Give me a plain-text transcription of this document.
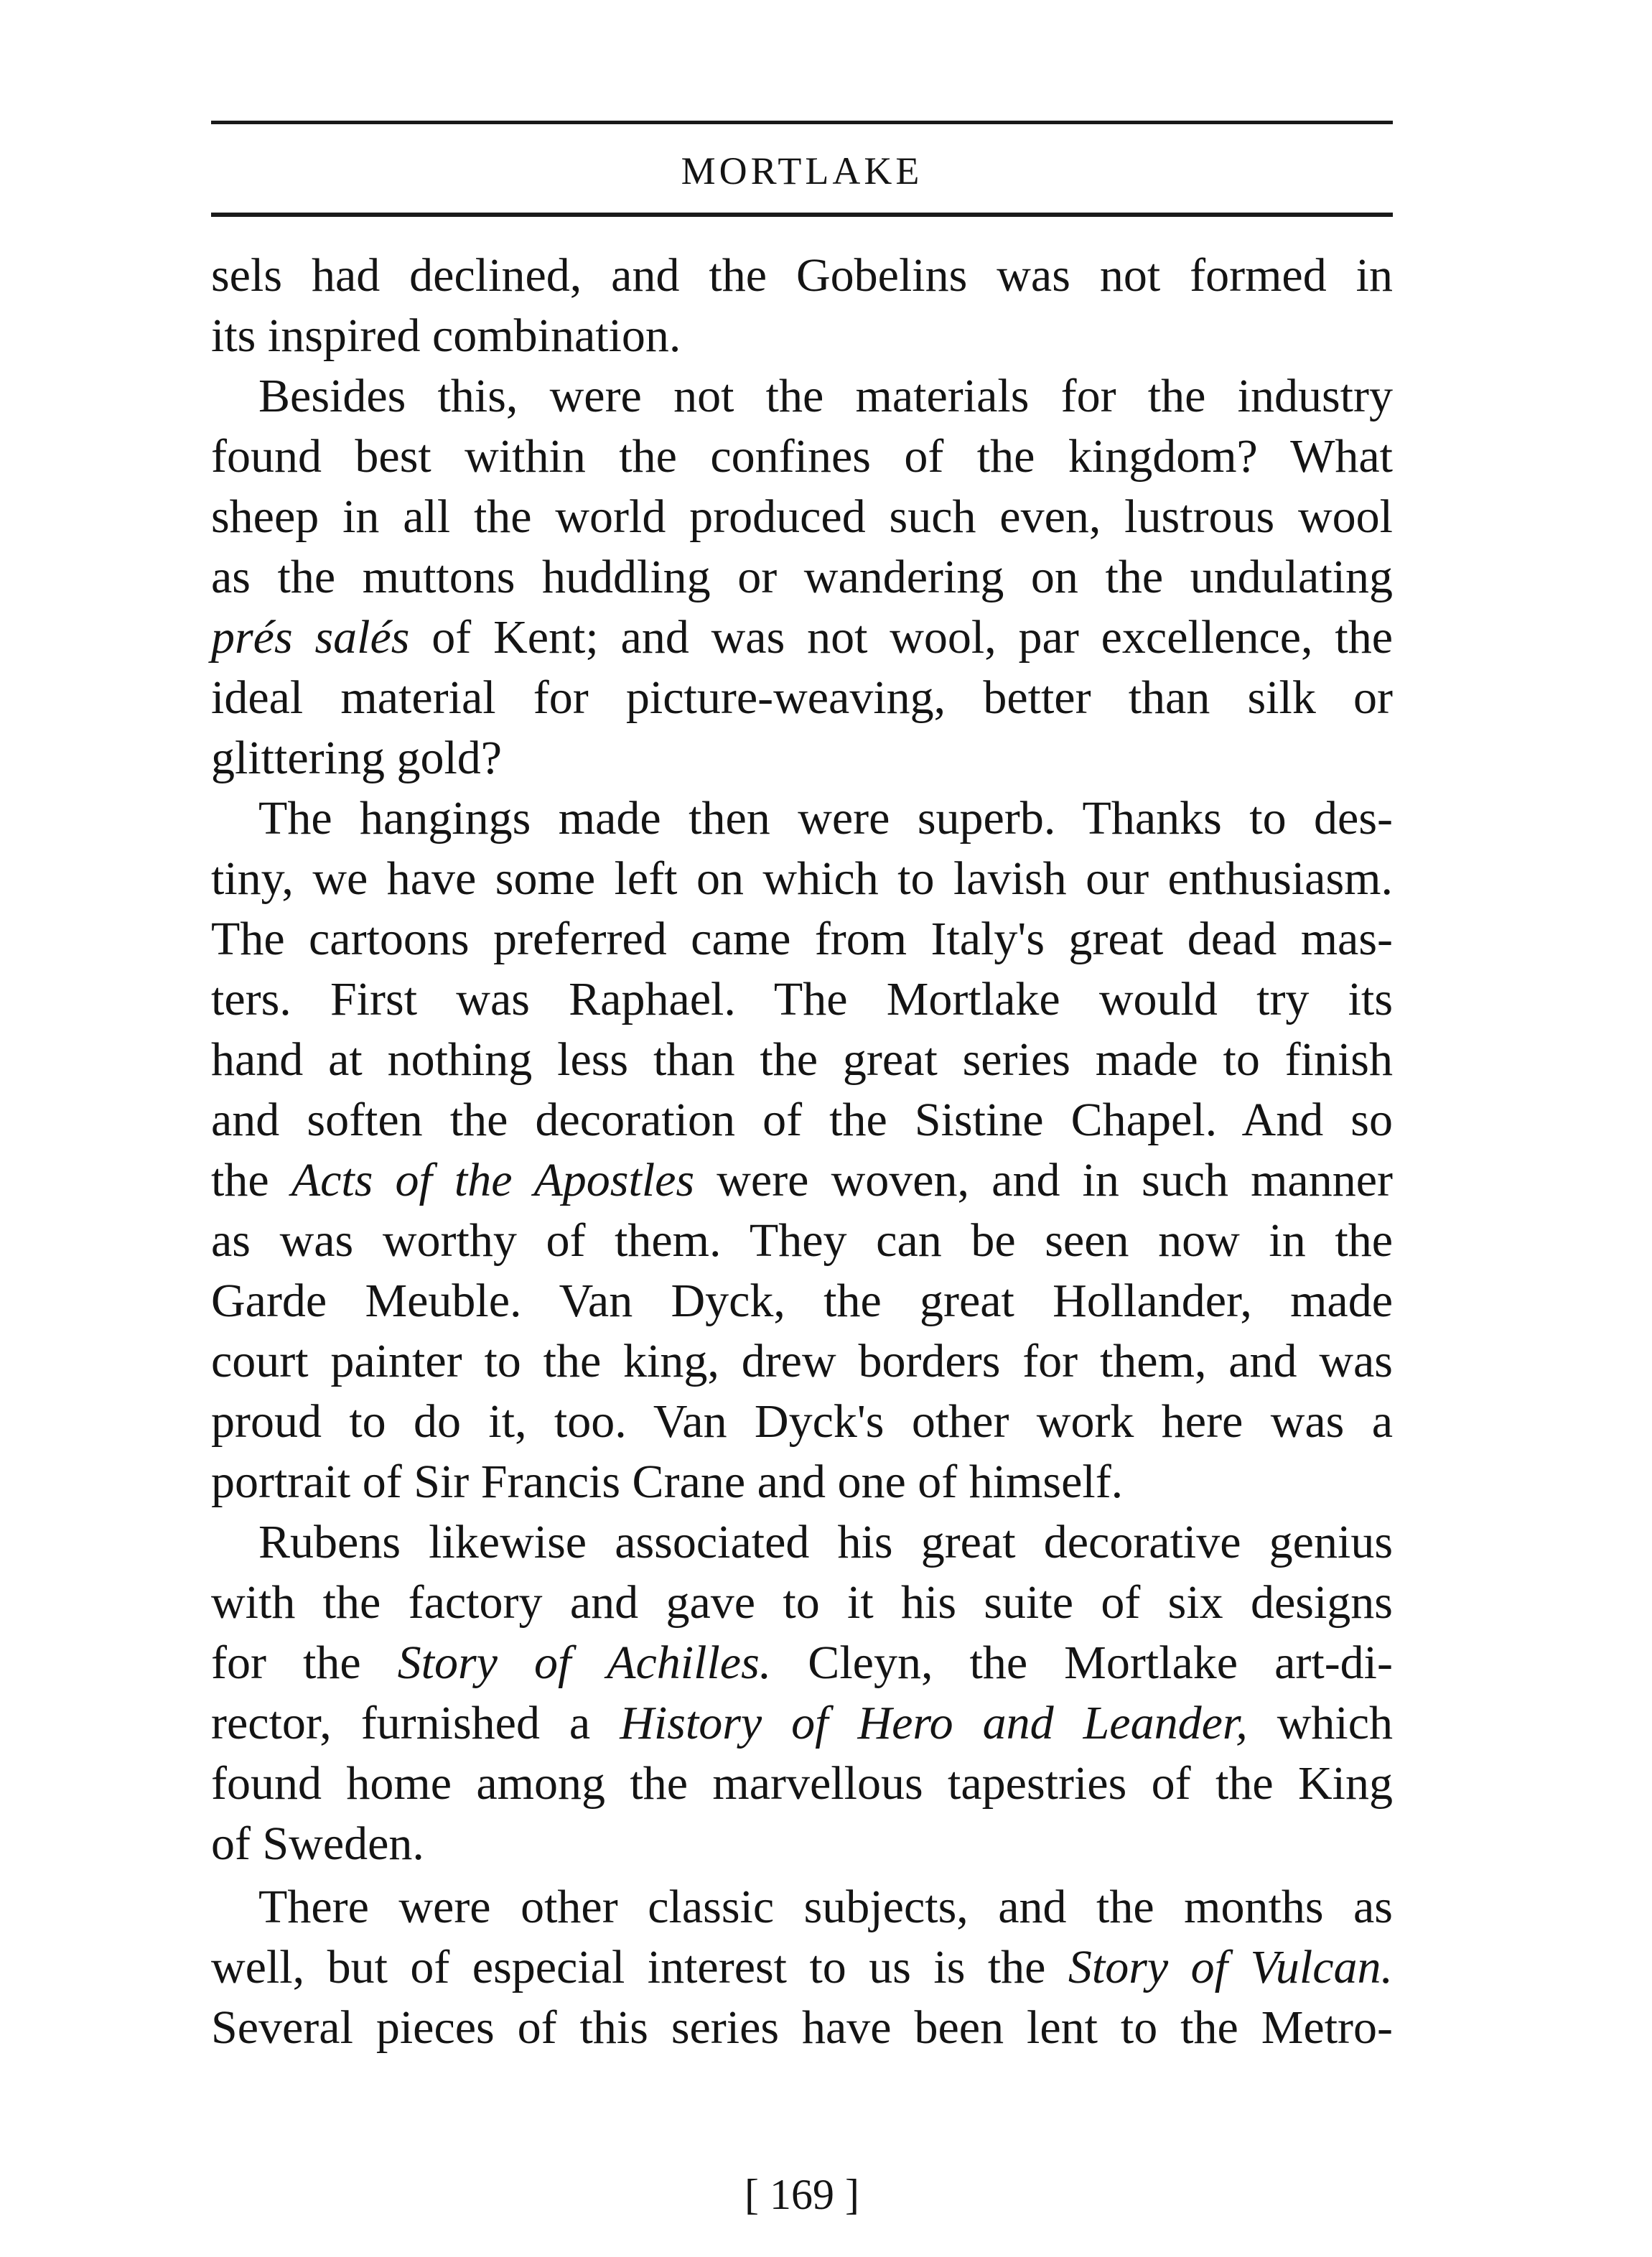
MORTLAKE
sels had declined, and the Gobelins was not formed in
its inspired combination.
Besides this, were not the materials for the industry
found best within the confines of the kingdom? What
sheep in all the world produced such even, lustrous wool
as the muttons huddling or wandering on the undulating
prés salés of Kent; and was not wool, par excellence, the
ideal material for picture-weaving, better than silk or
glittering gold?
The hangings made then were superb. Thanks to des-
tiny, we have some left on which to lavish our enthusiasm.
The cartoons preferred came from Italy's great dead mas-
ters. First was Raphael. The Mortlake would try its
hand at nothing less than the great series made to finish
and soften the decoration of the Sistine Chapel. And so
the Acts of the Apostles were woven, and in such manner
as was worthy of them. They can be seen now in the
Garde Meuble. Van Dyck, the great Hollander, made
court painter to the king, drew borders for them, and was
proud to do it, too. Van Dyck's other work here was a
portrait of Sir Francis Crane and one of himself.
Rubens likewise associated his great decorative genius
with the factory and gave to it his suite of six designs
for the Story of Achilles. Cleyn, the Mortlake art-di-
rector, furnished a History of Hero and Leander, which
found home among the marvellous tapestries of the King
of Sweden.
There were other classic subjects, and the months as
well, but of especial interest to us is the Story of Vulcan.
Several pieces of this series have been lent to the Metro-
[ 169 ]
